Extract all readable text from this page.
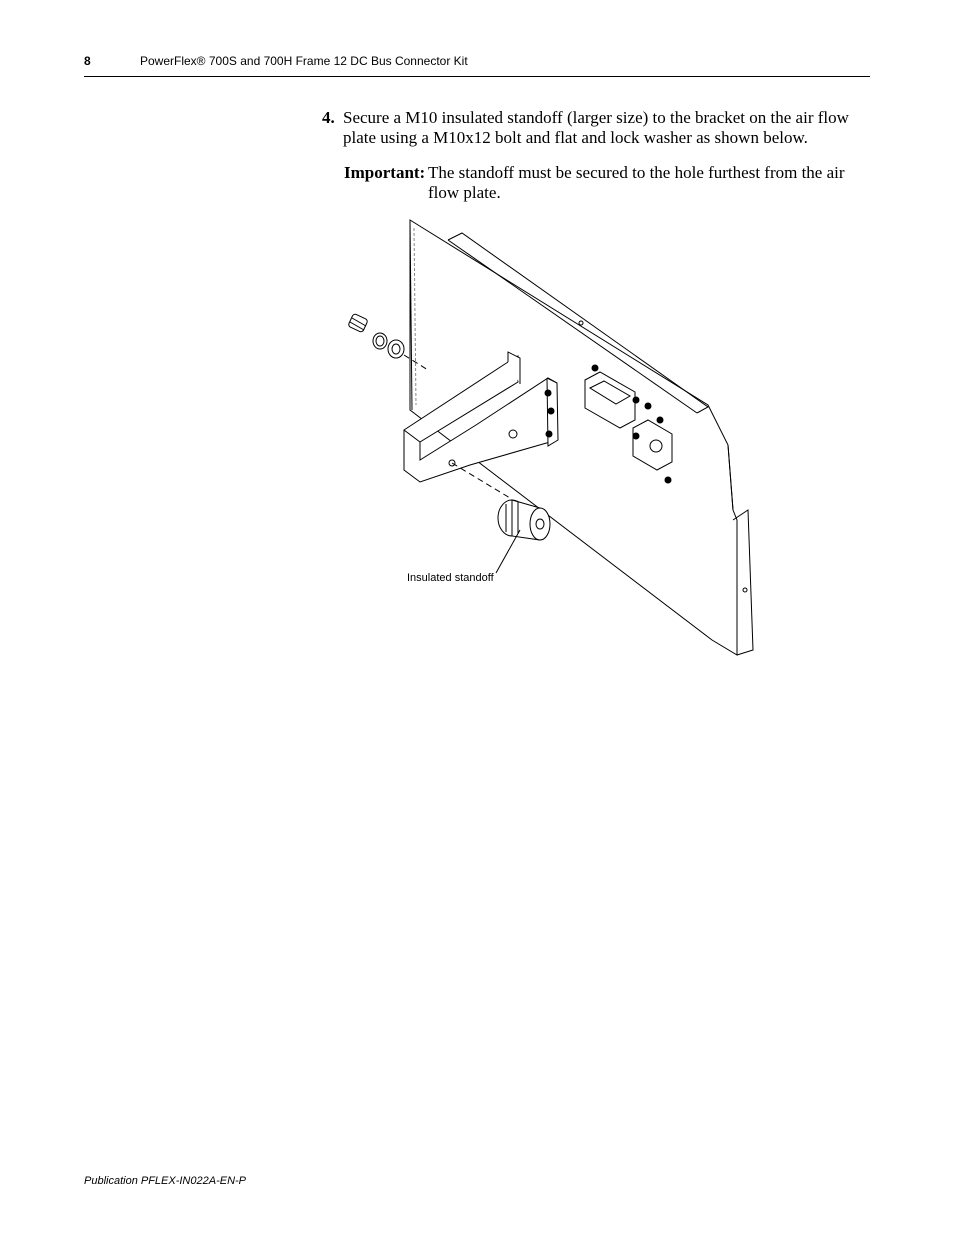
8	PowerFlex® 700S and 700H Frame 12 DC Bus Connector Kit
4. Secure a M10 insulated standoff (larger size) to the bracket on the air flow plate using a M10x12 bolt and flat and lock washer as shown below.
Important: The standoff must be secured to the hole furthest from the air flow plate.
Insulated standoff
Publication PFLEX-IN022A-EN-P
